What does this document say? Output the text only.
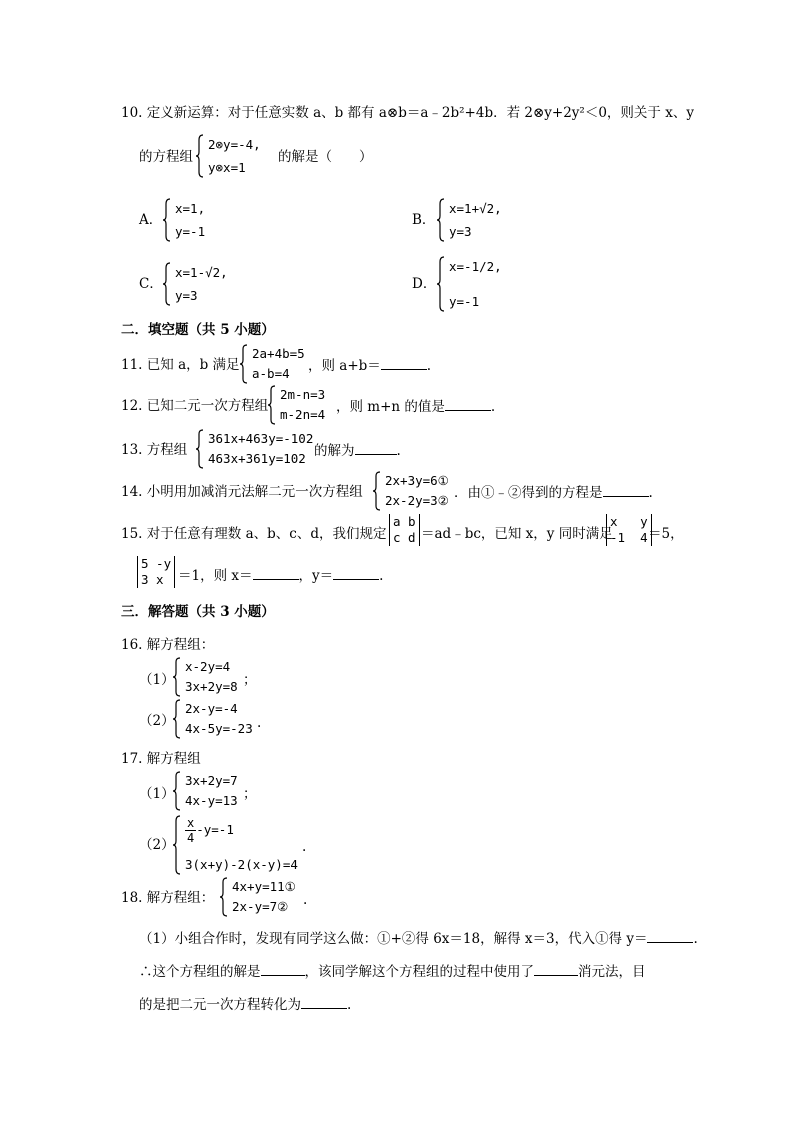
10. 定义新运算：对于任意实数 a、b 都有 a⊗b＝a﹣2b²+4b．若 2⊗y+2y²＜0，则关于 x、y
的方程组
2⊗y=-4,
y⊗x=1
的解是（　　）
A．
x=1,
y=-1
B．
x=1+√2,
y=3
C．
x=1-√2,
y=3
D．
x=-1/2,
y=-1
二．填空题（共 5 小题）
11. 已知 a，b 满足
2a+4b=5
a-b=4 ，则 a+b＝	.
12. 已知二元一次方程组
2m-n=3
m-2n=4 ，则 m+n 的值是	.
13. 方程组
361x+463y=-102
463x+361y=102 的解为	.
14. 小明用加减消元法解二元一次方程组
2x+3y=6①
2x-2y=3② ．由①﹣②得到的方程是	.
15. 对于任意有理数 a、b、c、d，我们规定
a b
c d ＝ad﹣bc，已知 x，y 同时满足
x   y
-1  4 ＝5，
5 -y
3 x	＝1，则 x＝	，y＝	.
三．解答题（共 3 小题）
16. 解方程组：
（1）
x-2y=4
3x+2y=8 ；
（2）
2x-y=-4
4x-5y=-23 .
17. 解方程组
（1）
3x+2y=7
4x-y=13 ；
$(2) \frac{x}{4} -y=-1$
3(x+y)-2(x-y)=4
.
18. 解方程组：
4x+y=11①
2x-y=7② .
（1）小组合作时，发现有同学这么做：①+②得 6x＝18，解得 x＝3，代入①得 y＝	.
∴这个方程组的解是	，该同学解这个方程组的过程中使用了	消元法，目
的是把二元一次方程转化为	.
